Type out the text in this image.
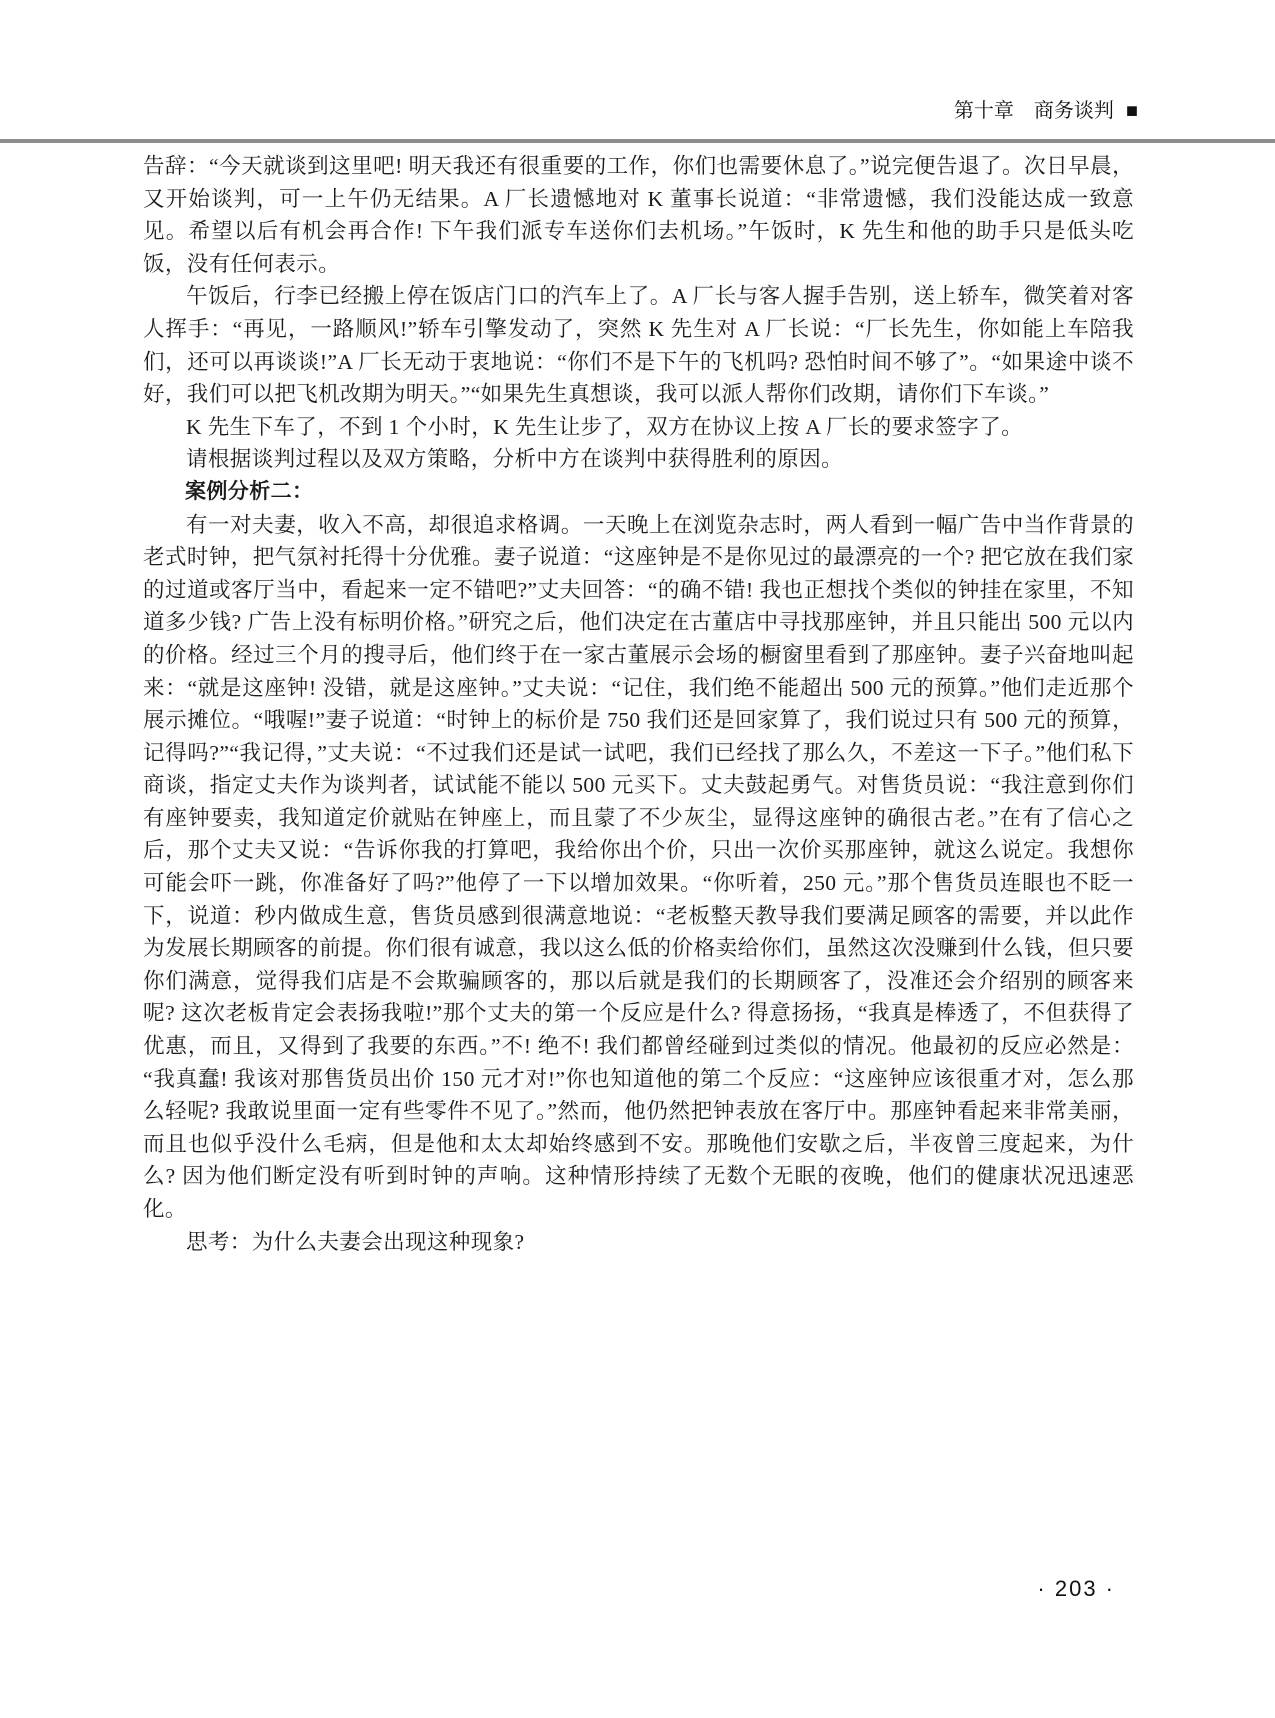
第十章 商务谈判 ■

告辞：“今天就谈到这里吧! 明天我还有很重要的工作，你们也需要休息了。”说完便告退了。次日早晨，又开始谈判，可一上午仍无结果。A 厂长遗憾地对 K 董事长说道：“非常遗憾，我们没能达成一致意见。希望以后有机会再合作! 下午我们派专车送你们去机场。”午饭时，K 先生和他的助手只是低头吃饭，没有任何表示。

午饭后，行李已经搬上停在饭店门口的汽车上了。A 厂长与客人握手告别，送上轿车，微笑着对客人挥手：“再见，一路顺风!”轿车引擎发动了，突然 K 先生对 A 厂长说：“厂长先生，你如能上车陪我们，还可以再谈谈!”A 厂长无动于衷地说：“你们不是下午的飞机吗? 恐怕时间不够了”。“如果途中谈不好，我们可以把飞机改期为明天。”“如果先生真想谈，我可以派人帮你们改期，请你们下车谈。”

K 先生下车了，不到 1 个小时，K 先生让步了，双方在协议上按 A 厂长的要求签字了。

请根据谈判过程以及双方策略，分析中方在谈判中获得胜利的原因。

案例分析二：

有一对夫妻，收入不高，却很追求格调。一天晚上在浏览杂志时，两人看到一幅广告中当作背景的老式时钟，把气氛衬托得十分优雅。妻子说道：“这座钟是不是你见过的最漂亮的一个? 把它放在我们家的过道或客厅当中，看起来一定不错吧?”丈夫回答：“的确不错! 我也正想找个类似的钟挂在家里，不知道多少钱? 广告上没有标明价格。”研究之后，他们决定在古董店中寻找那座钟，并且只能出 500 元以内的价格。经过三个月的搜寻后，他们终于在一家古董展示会场的橱窗里看到了那座钟。妻子兴奋地叫起来：“就是这座钟! 没错，就是这座钟。”丈夫说：“记住，我们绝不能超出 500 元的预算。”他们走近那个展示摊位。“哦喔!”妻子说道：“时钟上的标价是 750 我们还是回家算了，我们说过只有 500 元的预算，记得吗?”“我记得，”丈夫说：“不过我们还是试一试吧，我们已经找了那么久，不差这一下子。”他们私下商谈，指定丈夫作为谈判者，试试能不能以 500 元买下。丈夫鼓起勇气。对售货员说：“我注意到你们有座钟要卖，我知道定价就贴在钟座上，而且蒙了不少灰尘，显得这座钟的确很古老。”在有了信心之后，那个丈夫又说：“告诉你我的打算吧，我给你出个价，只出一次价买那座钟，就这么说定。我想你可能会吓一跳，你准备好了吗?”他停了一下以增加效果。“你听着，250 元。”那个售货员连眼也不眨一下，说道：秒内做成生意，售货员感到很满意地说：“老板整天教导我们要满足顾客的需要，并以此作为发展长期顾客的前提。你们很有诚意，我以这么低的价格卖给你们，虽然这次没赚到什么钱，但只要你们满意，觉得我们店是不会欺骗顾客的，那以后就是我们的长期顾客了，没准还会介绍别的顾客来呢? 这次老板肯定会表扬我啦!”那个丈夫的第一个反应是什么? 得意扬扬，“我真是棒透了，不但获得了优惠，而且，又得到了我要的东西。”不! 绝不! 我们都曾经碰到过类似的情况。他最初的反应必然是：“我真蠢! 我该对那售货员出价 150 元才对!”你也知道他的第二个反应：“这座钟应该很重才对，怎么那么轻呢? 我敢说里面一定有些零件不见了。”然而，他仍然把钟表放在客厅中。那座钟看起来非常美丽，而且也似乎没什么毛病，但是他和太太却始终感到不安。那晚他们安歇之后，半夜曾三度起来，为什么? 因为他们断定没有听到时钟的声响。这种情形持续了无数个无眠的夜晚，他们的健康状况迅速恶化。

思考：为什么夫妻会出现这种现象?

· 203 ·
